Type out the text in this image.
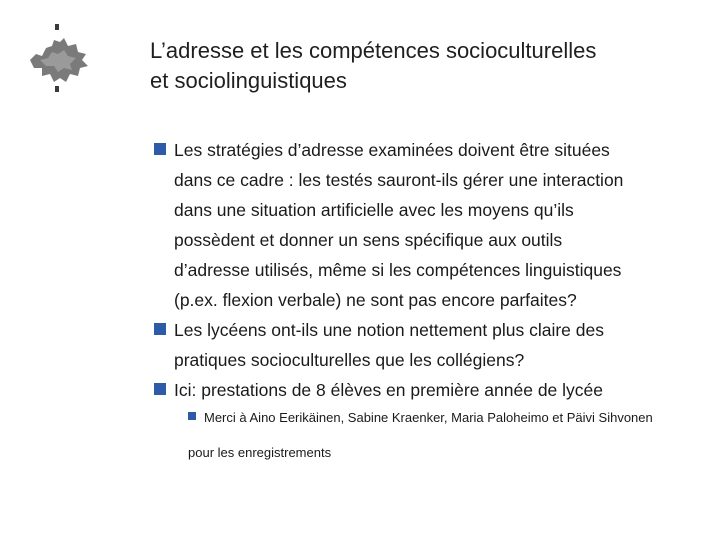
L’adresse et les compétences socioculturelles
et sociolinguistiques
Les stratégies d’adresse examinées doivent être situées
dans ce cadre : les testés sauront-ils gérer une interaction
dans une situation artificielle avec les moyens qu’ils
possèdent et donner un sens spécifique aux outils
d’adresse utilisés, même si les compétences linguistiques
(p.ex. flexion verbale) ne sont pas encore parfaites?
Les lycéens ont-ils une notion nettement plus claire des
pratiques socioculturelles que les collégiens?
Ici: prestations de 8 élèves en première année de lycée
Merci à Aino Eerikäinen, Sabine Kraenker, Maria Paloheimo et Päivi Sihvonen
pour les enregistrements
